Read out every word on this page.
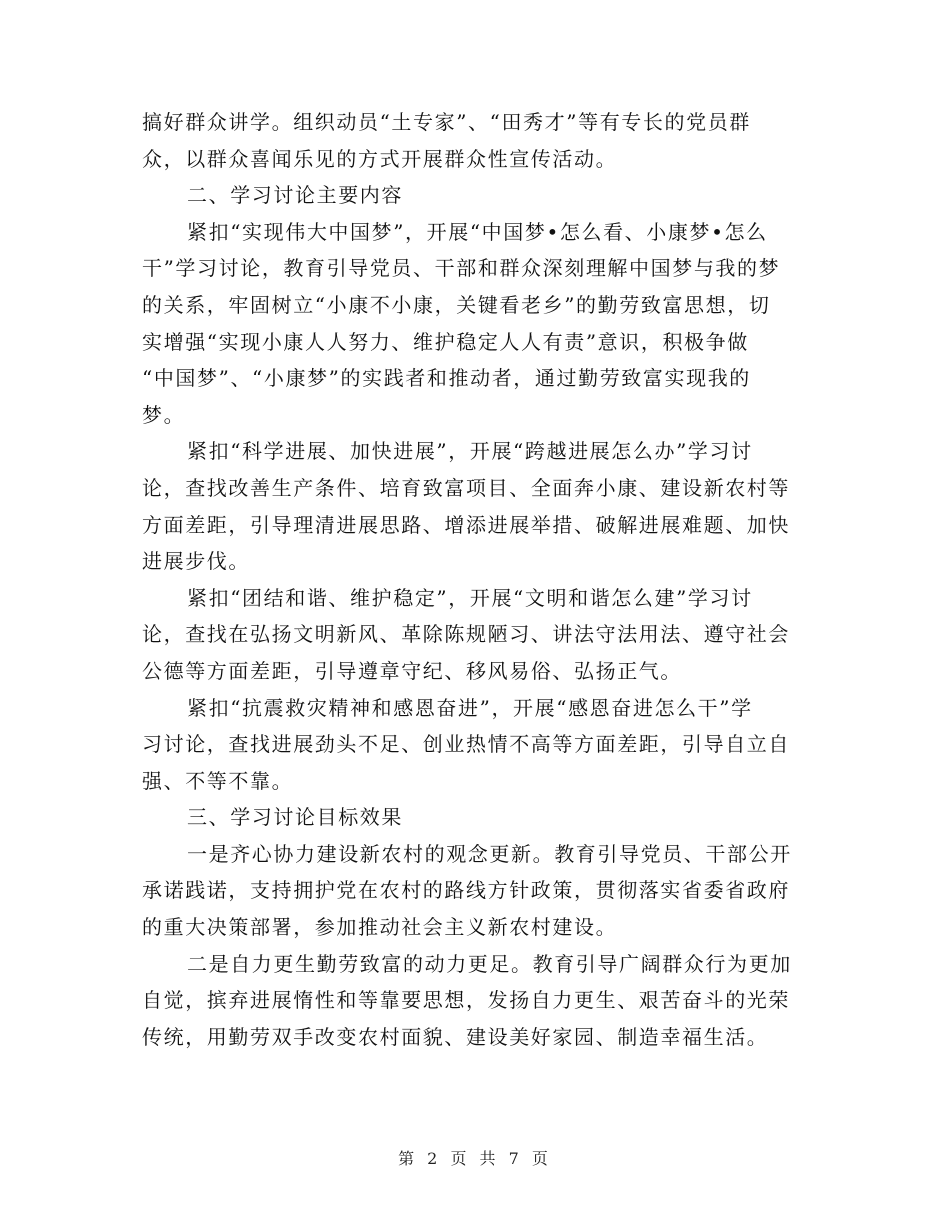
搞好群众讲学。组织动员“土专家”、“田秀才”等有专长的党员群
众，以群众喜闻乐见的方式开展群众性宣传活动。
二、学习讨论主要内容
紧扣“实现伟大中国梦”，开展“中国梦•怎么看、小康梦•怎么
干”学习讨论，教育引导党员、干部和群众深刻理解中国梦与我的梦
的关系，牢固树立“小康不小康，关键看老乡”的勤劳致富思想，切
实增强“实现小康人人努力、维护稳定人人有责”意识，积极争做
“中国梦”、“小康梦”的实践者和推动者，通过勤劳致富实现我的
梦。
紧扣“科学进展、加快进展”，开展“跨越进展怎么办”学习讨
论，查找改善生产条件、培育致富项目、全面奔小康、建设新农村等
方面差距，引导理清进展思路、增添进展举措、破解进展难题、加快
进展步伐。
紧扣“团结和谐、维护稳定”，开展“文明和谐怎么建”学习讨
论，查找在弘扬文明新风、革除陈规陋习、讲法守法用法、遵守社会
公德等方面差距，引导遵章守纪、移风易俗、弘扬正气。
紧扣“抗震救灾精神和感恩奋进”，开展“感恩奋进怎么干”学
习讨论，查找进展劲头不足、创业热情不高等方面差距，引导自立自
强、不等不靠。
三、学习讨论目标效果
一是齐心协力建设新农村的观念更新。教育引导党员、干部公开
承诺践诺，支持拥护党在农村的路线方针政策，贯彻落实省委省政府
的重大决策部署，参加推动社会主义新农村建设。
二是自力更生勤劳致富的动力更足。教育引导广阔群众行为更加
自觉，摈弃进展惰性和等靠要思想，发扬自力更生、艰苦奋斗的光荣
传统，用勤劳双手改变农村面貌、建设美好家园、制造幸福生活。
第 2 页 共 7 页
